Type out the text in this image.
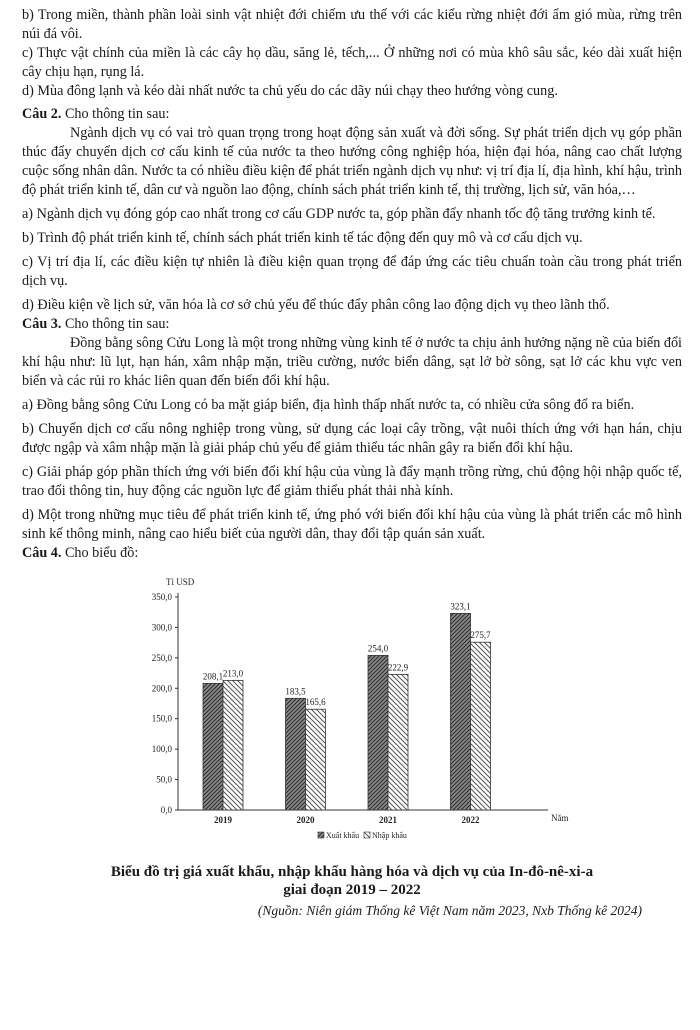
b) Trong miền, thành phần loài sinh vật nhiệt đới chiếm ưu thế với các kiểu rừng nhiệt đới ẩm gió mùa, rừng trên núi đá vôi.

c) Thực vật chính của miền là các cây họ dầu, săng lẻ, tếch,... Ở những nơi có mùa khô sâu sắc, kéo dài xuất hiện cây chịu hạn, rụng lá.

d) Mùa đông lạnh và kéo dài nhất nước ta chủ yếu do các dãy núi chạy theo hướng vòng cung.

Câu 2. Cho thông tin sau:

Ngành dịch vụ có vai trò quan trọng trong hoạt động sản xuất và đời sống. Sự phát triển dịch vụ góp phần thúc đẩy chuyển dịch cơ cấu kinh tế của nước ta theo hướng công nghiệp hóa, hiện đại hóa, nâng cao chất lượng cuộc sống nhân dân. Nước ta có nhiều điều kiện để phát triển ngành dịch vụ như: vị trí địa lí, địa hình, khí hậu, trình độ phát triển kinh tế, dân cư và nguồn lao động, chính sách phát triển kinh tế, thị trường, lịch sử, văn hóa,…

a) Ngành dịch vụ đóng góp cao nhất trong cơ cấu GDP nước ta, góp phần đẩy nhanh tốc độ tăng trưởng kinh tế.

b) Trình độ phát triển kinh tế, chính sách phát triển kinh tế tác động đến quy mô và cơ cấu dịch vụ.

c) Vị trí địa lí, các điều kiện tự nhiên là điều kiện quan trọng để đáp ứng các tiêu chuẩn toàn cầu trong phát triển dịch vụ.

d) Điều kiện về lịch sử, văn hóa là cơ sở chủ yếu để thúc đẩy phân công lao động dịch vụ theo lãnh thổ.

Câu 3. Cho thông tin sau:

Đồng bằng sông Cửu Long là một trong những vùng kinh tế ở nước ta chịu ảnh hưởng nặng nề của biến đổi khí hậu như: lũ lụt, hạn hán, xâm nhập mặn, triều cường, nước biển dâng, sạt lở bờ sông, sạt lở các khu vực ven biển và các rủi ro khác liên quan đến biến đổi khí hậu.

a) Đồng bằng sông Cửu Long có ba mặt giáp biển, địa hình thấp nhất nước ta, có nhiều cửa sông đổ ra biển.

b) Chuyển dịch cơ cấu nông nghiệp trong vùng, sử dụng các loại cây trồng, vật nuôi thích ứng với hạn hán, chịu được ngập và xâm nhập mặn là giải pháp chủ yếu để giảm thiểu tác nhân gây ra biến đổi khí hậu.

c) Giải pháp góp phần thích ứng với biến đổi khí hậu của vùng là đẩy mạnh trồng rừng, chủ động hội nhập quốc tế, trao đổi thông tin, huy động các nguồn lực để giảm thiểu phát thải nhà kính.

d) Một trong những mục tiêu để phát triển kinh tế, ứng phó với biến đổi khí hậu của vùng là phát triển các mô hình sinh kế thông minh, nâng cao hiểu biết của người dân, thay đổi tập quán sản xuất.

Câu 4. Cho biểu đồ:

0,0
50,0
100,0
150,0
200,0
250,0
300,0
350,0
Tỉ USD
Năm
208,1 213,0
2019
183,5
165,6
2020
254,0
222,9
2021
323,1
275,7
2022
Xuất khẩu Nhập khẩu

Biểu đồ trị giá xuất khẩu, nhập khẩu hàng hóa và dịch vụ của In-đô-nê-xi-a

giai đoạn 2019 – 2022

(Nguồn: Niên giám Thống kê Việt Nam năm 2023, Nxb Thống kê 2024)
